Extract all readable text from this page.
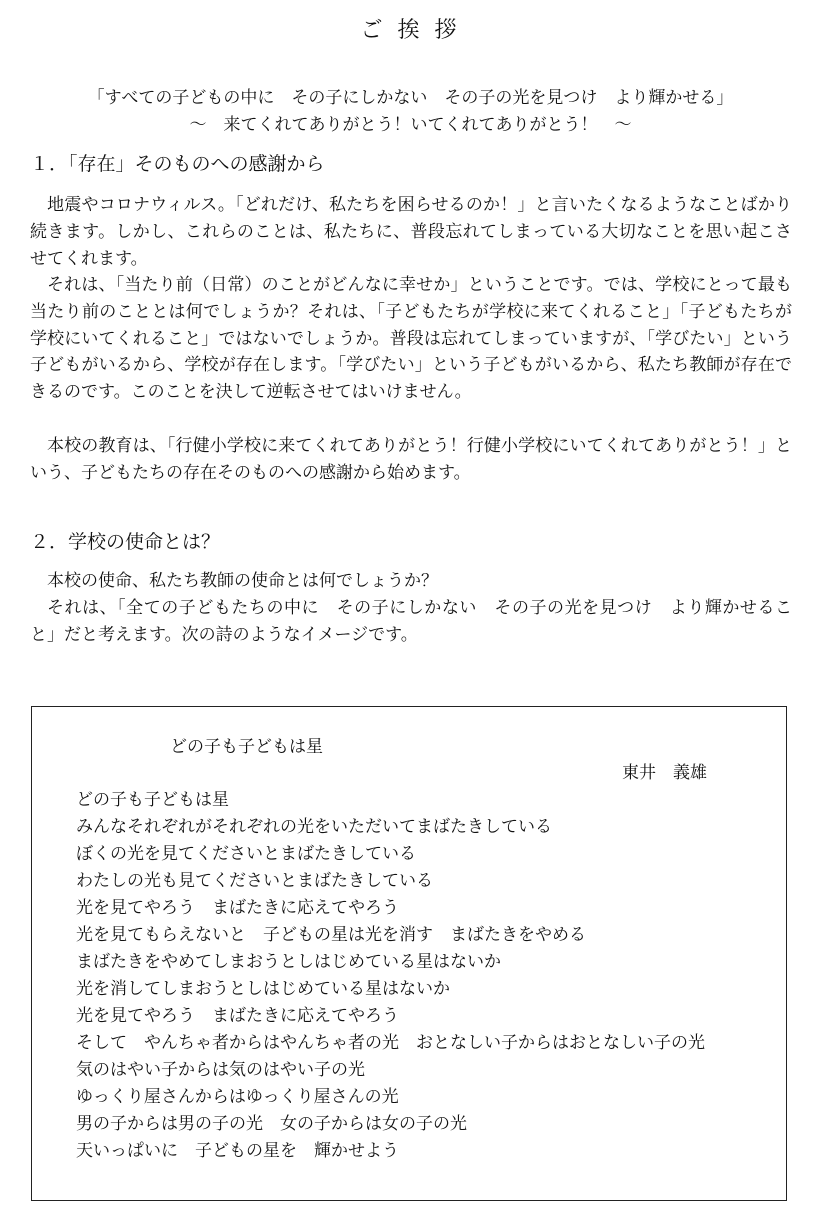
ご 挨 拶
「すべての子どもの中に　その子にしかない　その子の光を見つけ　より輝かせる」
〜　来てくれてありがとう！いてくれてありがとう！　〜
１．「存在」そのものへの感謝から

　地震やコロナウィルス。「どれだけ、私たちを困らせるのか！」と言いたくなるようなことばかり続きます。しかし、これらのことは、私たちに、普段忘れてしまっている大切なことを思い起こさせてくれます。

それは、「当たり前（日常）のことがどんなに幸せか」ということです。では、学校にとって最も当たり前のこととは何でしょうか？それは、「子どもたちが学校に来てくれること」「子どもたちが学校にいてくれること」ではないでしょうか。普段は忘れてしまっていますが、「学びたい」という子どもがいるから、学校が存在します。「学びたい」という子どもがいるから、私たち教師が存在できるのです。このことを決して逆転させてはいけません。

本校の教育は、「行健小学校に来てくれてありがとう！行健小学校にいてくれてありがとう！」という、子どもたちの存在そのものへの感謝から始めます。

２．学校の使命とは？

本校の使命、私たち教師の使命とは何でしょうか？

それは、「全ての子どもたちの中に　その子にしかない　その子の光を見つけ　より輝かせること」だと考えます。次の詩のようなイメージです。

どの子も子どもは星
東井　義雄
どの子も子どもは星
みんなそれぞれがそれぞれの光をいただいてまばたきしている
ぼくの光を見てくださいとまばたきしている
わたしの光も見てくださいとまばたきしている
光を見てやろう　まばたきに応えてやろう
光を見てもらえないと　子どもの星は光を消す　まばたきをやめる
まばたきをやめてしまおうとしはじめている星はないか
光を消してしまおうとしはじめている星はないか
光を見てやろう　まばたきに応えてやろう
そして　やんちゃ者からはやんちゃ者の光　おとなしい子からはおとなしい子の光
気のはやい子からは気のはやい子の光
ゆっくり屋さんからはゆっくり屋さんの光
男の子からは男の子の光　女の子からは女の子の光
天いっぱいに　子どもの星を　輝かせよう
